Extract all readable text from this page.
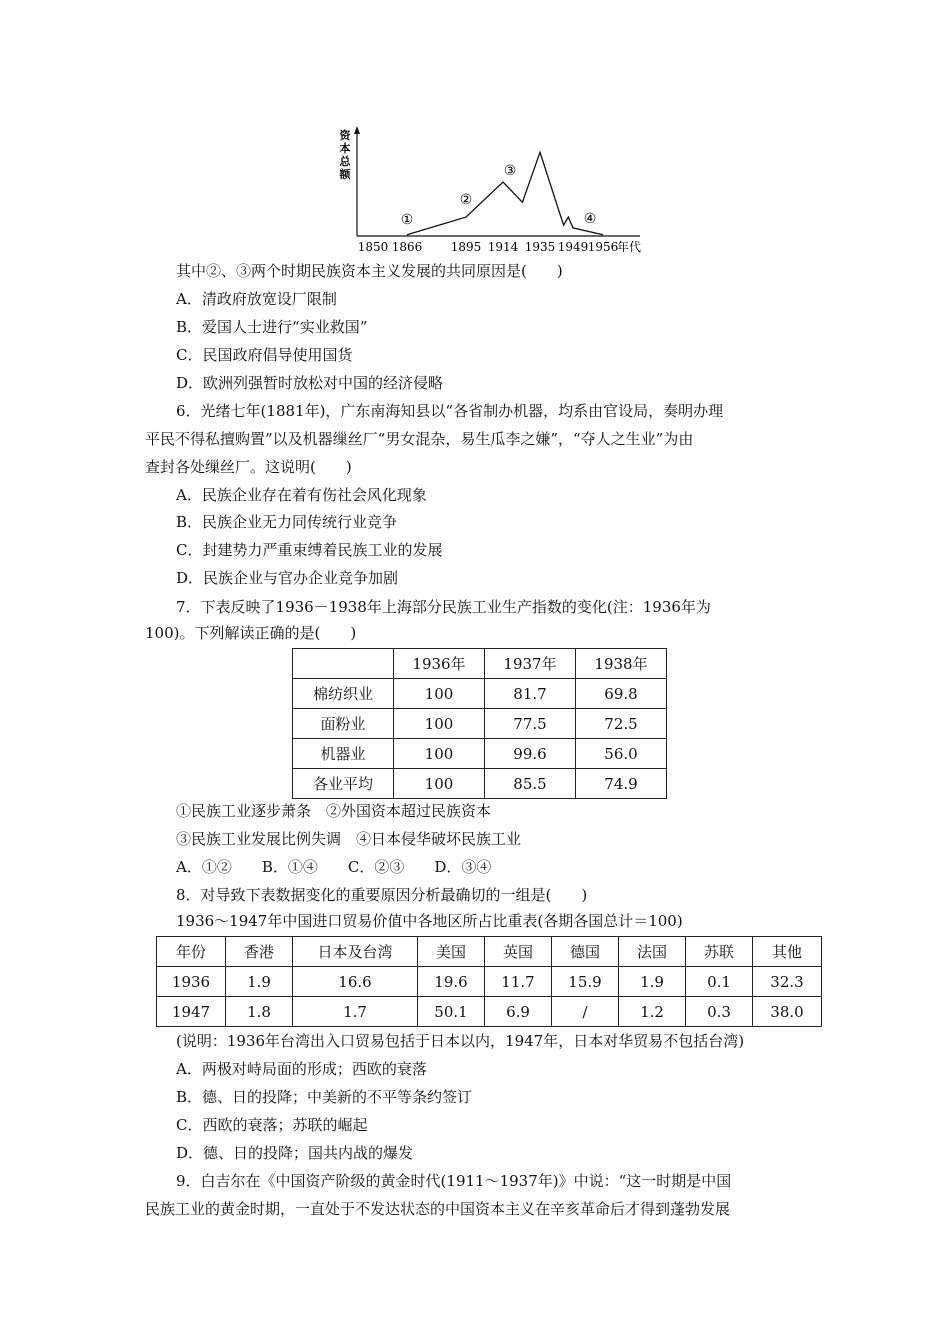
资
本
总
额
1850 1866 1895 1914 1935 1949 1956
①
②
③
④
年代
其中②、③两个时期民族资本主义发展的共同原因是(　　)
A．清政府放宽设厂限制
B．爱国人士进行“实业救国”
C．民国政府倡导使用国货
D．欧洲列强暂时放松对中国的经济侵略
6．光绪七年(1881年)，广东南海知县以“各省制办机器，均系由官设局，奏明办理
平民不得私擅购置”以及机器缫丝厂“男女混杂，易生瓜李之嫌”，“夺人之生业”为由
查封各处缫丝厂。这说明(　　)
A．民族企业存在着有伤社会风化现象
B．民族企业无力同传统行业竞争
C．封建势力严重束缚着民族工业的发展
D．民族企业与官办企业竞争加剧
7．下表反映了1936－1938年上海部分民族工业生产指数的变化(注：1936年为
100)。下列解读正确的是(　　)
	1936年	1937年	1938年
棉纺织业	100	81.7	69.8
面粉业	100	77.5	72.5
机器业	100	99.6	56.0
各业平均	100	85.5	74.9
①民族工业逐步萧条　②外国资本超过民族资本
③民族工业发展比例失调　④日本侵华破坏民族工业
A．①②　　B．①④　　C．②③　　D．③④
8．对导致下表数据变化的重要原因分析最确切的一组是(　　)
1936～1947年中国进口贸易价值中各地区所占比重表(各期各国总计＝100)
年份	香港	日本及台湾	美国	英国	德国	法国	苏联	其他
1936	1.9	16.6	19.6	11.7	15.9	1.9	0.1	32.3
1947	1.8	1.7	50.1	6.9	/	1.2	0.3	38.0
(说明：1936年台湾出入口贸易包括于日本以内，1947年，日本对华贸易不包括台湾)
A．两极对峙局面的形成；西欧的衰落
B．德、日的投降；中美新的不平等条约签订
C．西欧的衰落；苏联的崛起
D．德、日的投降；国共内战的爆发
9．白吉尔在《中国资产阶级的黄金时代(1911～1937年)》中说：“这一时期是中国
民族工业的黄金时期，一直处于不发达状态的中国资本主义在辛亥革命后才得到蓬勃发展
